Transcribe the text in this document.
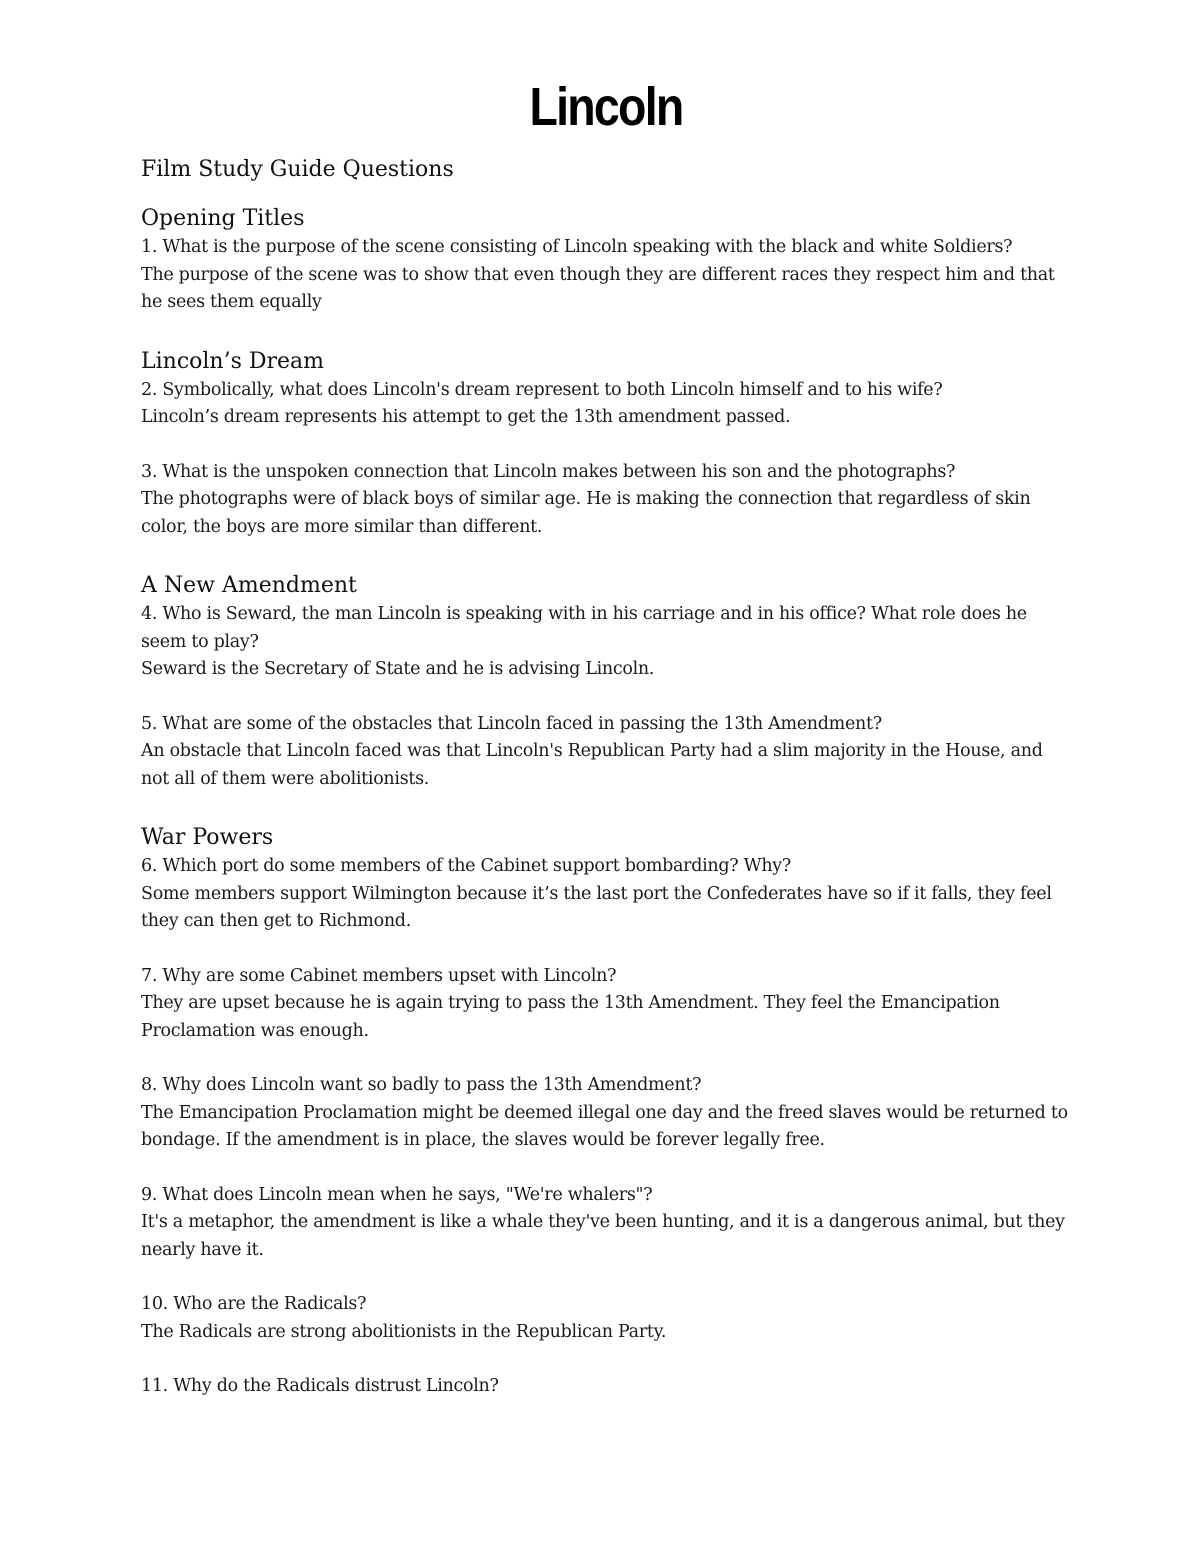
Lincoln
Film Study Guide Questions
Opening Titles
1. What is the purpose of the scene consisting of Lincoln speaking with the black and white Soldiers?
The purpose of the scene was to show that even though they are different races they respect him and that he sees them equally
Lincoln’s Dream
2. Symbolically, what does Lincoln's dream represent to both Lincoln himself and to his wife?
Lincoln’s dream represents his attempt to get the 13th amendment passed.
3. What is the unspoken connection that Lincoln makes between his son and the photographs?
The photographs were of black boys of similar age. He is making the connection that regardless of skin color, the boys are more similar than different.
A New Amendment
4. Who is Seward, the man Lincoln is speaking with in his carriage and in his office? What role does he seem to play?
Seward is the Secretary of State and he is advising Lincoln.
5. What are some of the obstacles that Lincoln faced in passing the 13th Amendment?
An obstacle that Lincoln faced was that Lincoln's Republican Party had a slim majority in the House, and not all of them were abolitionists.
War Powers
6. Which port do some members of the Cabinet support bombarding? Why?
Some members support Wilmington because it’s the last port the Confederates have so if it falls, they feel they can then get to Richmond.
7. Why are some Cabinet members upset with Lincoln?
They are upset because he is again trying to pass the 13th Amendment. They feel the Emancipation Proclamation was enough.
8. Why does Lincoln want so badly to pass the 13th Amendment?
The Emancipation Proclamation might be deemed illegal one day and the freed slaves would be returned to bondage. If the amendment is in place, the slaves would be forever legally free.
9. What does Lincoln mean when he says, "We're whalers"?
It's a metaphor, the amendment is like a whale they've been hunting, and it is a dangerous animal, but they nearly have it.
10. Who are the Radicals?
The Radicals are strong abolitionists in the Republican Party.
11. Why do the Radicals distrust Lincoln?
